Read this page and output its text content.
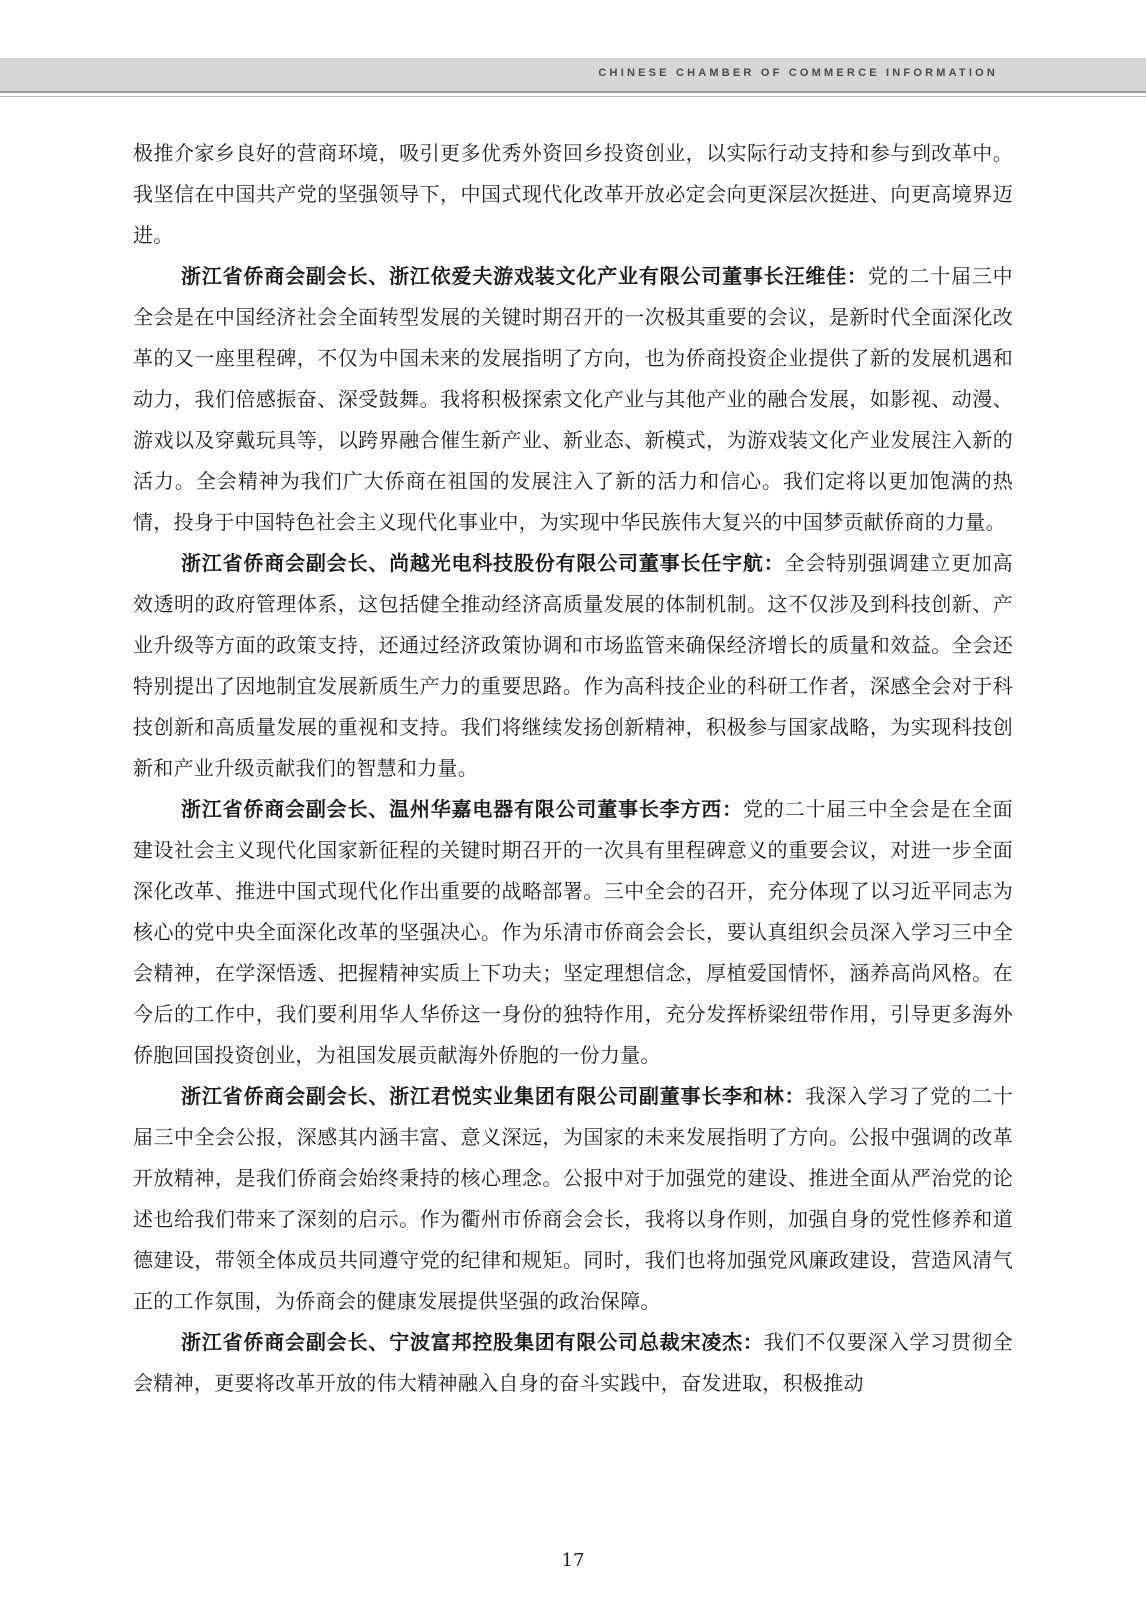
CHINESE CHAMBER OF COMMERCE INFORMATION

极推介家乡良好的营商环境，吸引更多优秀外资回乡投资创业，以实际行动支持和参与到改革中。我坚信在中国共产党的坚强领导下，中国式现代化改革开放必定会向更深层次挺进、向更高境界迈进。

浙江省侨商会副会长、浙江依爱夫游戏装文化产业有限公司董事长汪维佳：党的二十届三中全会是在中国经济社会全面转型发展的关键时期召开的一次极其重要的会议，是新时代全面深化改革的又一座里程碑，不仅为中国未来的发展指明了方向，也为侨商投资企业提供了新的发展机遇和动力，我们倍感振奋、深受鼓舞。我将积极探索文化产业与其他产业的融合发展，如影视、动漫、游戏以及穿戴玩具等，以跨界融合催生新产业、新业态、新模式，为游戏装文化产业发展注入新的活力。全会精神为我们广大侨商在祖国的发展注入了新的活力和信心。我们定将以更加饱满的热情，投身于中国特色社会主义现代化事业中，为实现中华民族伟大复兴的中国梦贡献侨商的力量。

浙江省侨商会副会长、尚越光电科技股份有限公司董事长任宇航：全会特别强调建立更加高效透明的政府管理体系，这包括健全推动经济高质量发展的体制机制。这不仅涉及到科技创新、产业升级等方面的政策支持，还通过经济政策协调和市场监管来确保经济增长的质量和效益。全会还特别提出了因地制宜发展新质生产力的重要思路。作为高科技企业的科研工作者，深感全会对于科技创新和高质量发展的重视和支持。我们将继续发扬创新精神，积极参与国家战略，为实现科技创新和产业升级贡献我们的智慧和力量。

浙江省侨商会副会长、温州华嘉电器有限公司董事长李方西：党的二十届三中全会是在全面建设社会主义现代化国家新征程的关键时期召开的一次具有里程碑意义的重要会议，对进一步全面深化改革、推进中国式现代化作出重要的战略部署。三中全会的召开，充分体现了以习近平同志为核心的党中央全面深化改革的坚强决心。作为乐清市侨商会会长，要认真组织会员深入学习三中全会精神，在学深悟透、把握精神实质上下功夫；坚定理想信念，厚植爱国情怀，涵养高尚风格。在今后的工作中，我们要利用华人华侨这一身份的独特作用，充分发挥桥梁纽带作用，引导更多海外侨胞回国投资创业，为祖国发展贡献海外侨胞的一份力量。

浙江省侨商会副会长、浙江君悦实业集团有限公司副董事长李和林：我深入学习了党的二十届三中全会公报，深感其内涵丰富、意义深远，为国家的未来发展指明了方向。公报中强调的改革开放精神，是我们侨商会始终秉持的核心理念。公报中对于加强党的建设、推进全面从严治党的论述也给我们带来了深刻的启示。作为衢州市侨商会会长，我将以身作则，加强自身的党性修养和道德建设，带领全体成员共同遵守党的纪律和规矩。同时，我们也将加强党风廉政建设，营造风清气正的工作氛围，为侨商会的健康发展提供坚强的政治保障。

浙江省侨商会副会长、宁波富邦控股集团有限公司总裁宋凌杰：我们不仅要深入学习贯彻全会精神，更要将改革开放的伟大精神融入自身的奋斗实践中，奋发进取，积极推动

17
